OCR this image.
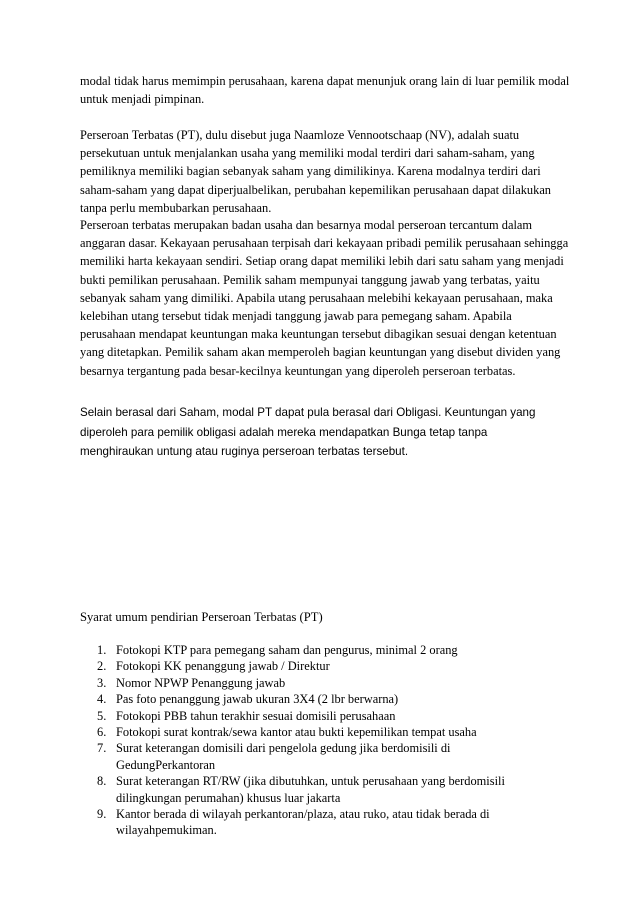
modal tidak harus memimpin perusahaan, karena dapat menunjuk orang lain di luar pemilik modal untuk menjadi pimpinan.

Perseroan Terbatas (PT), dulu disebut juga Naamloze Vennootschaap (NV), adalah suatu persekutuan untuk menjalankan usaha yang memiliki modal terdiri dari saham-saham, yang pemiliknya memiliki bagian sebanyak saham yang dimilikinya. Karena modalnya terdiri dari saham-saham yang dapat diperjualbelikan, perubahan kepemilikan perusahaan dapat dilakukan tanpa perlu membubarkan perusahaan.

Perseroan terbatas merupakan badan usaha dan besarnya modal perseroan tercantum dalam anggaran dasar. Kekayaan perusahaan terpisah dari kekayaan pribadi pemilik perusahaan sehingga memiliki harta kekayaan sendiri. Setiap orang dapat memiliki lebih dari satu saham yang menjadi bukti pemilikan perusahaan. Pemilik saham mempunyai tanggung jawab yang terbatas, yaitu sebanyak saham yang dimiliki. Apabila utang perusahaan melebihi kekayaan perusahaan, maka kelebihan utang tersebut tidak menjadi tanggung jawab para pemegang saham. Apabila perusahaan mendapat keuntungan maka keuntungan tersebut dibagikan sesuai dengan ketentuan yang ditetapkan. Pemilik saham akan memperoleh bagian keuntungan yang disebut dividen yang besarnya tergantung pada besar-kecilnya keuntungan yang diperoleh perseroan terbatas.

Selain berasal dari Saham, modal PT dapat pula berasal dari Obligasi. Keuntungan yang diperoleh para pemilik obligasi adalah mereka mendapatkan Bunga tetap tanpa menghiraukan untung atau ruginya perseroan terbatas tersebut.

Syarat umum pendirian Perseroan Terbatas (PT)

1. Fotokopi KTP para pemegang saham dan pengurus, minimal 2 orang
2. Fotokopi KK penanggung jawab / Direktur
3. Nomor NPWP Penanggung jawab
4. Pas foto penanggung jawab ukuran 3X4 (2 lbr berwarna)
5. Fotokopi PBB tahun terakhir sesuai domisili perusahaan
6. Fotokopi surat kontrak/sewa kantor atau bukti kepemilikan tempat usaha
7. Surat keterangan domisili dari pengelola gedung jika berdomisili di GedungPerkantoran
8. Surat keterangan RT/RW (jika dibutuhkan, untuk perusahaan yang berdomisili dilingkungan perumahan) khusus luar jakarta
9. Kantor berada di wilayah perkantoran/plaza, atau ruko, atau tidak berada di wilayahpemukiman.
